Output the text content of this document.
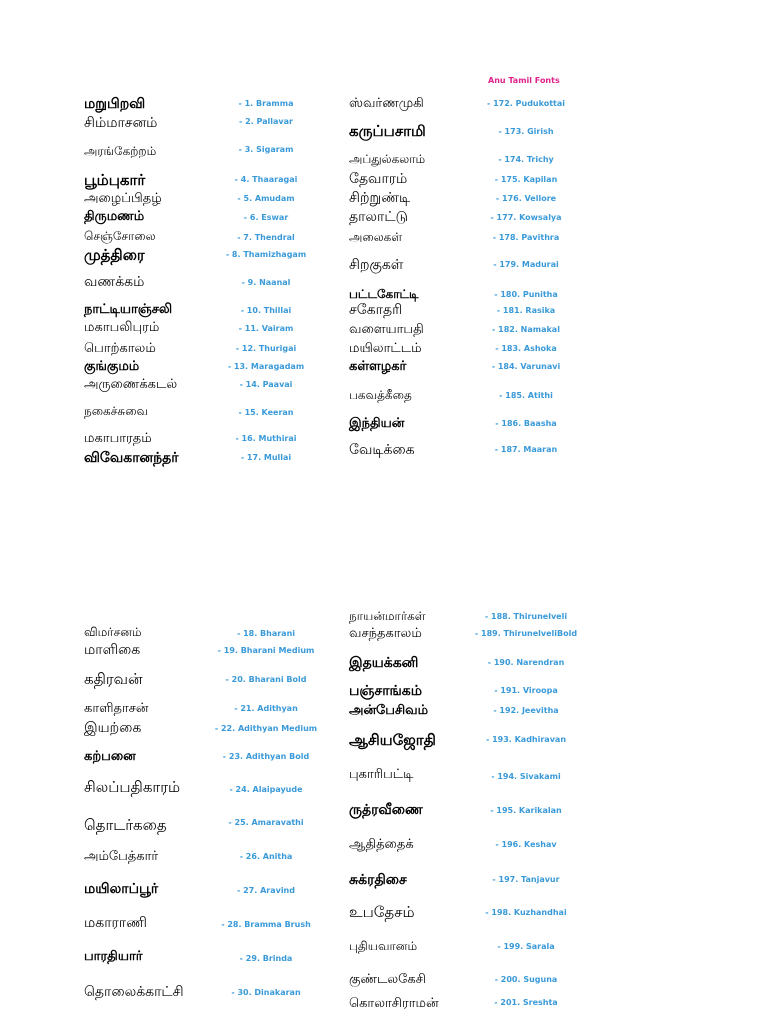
Anu Tamil Fonts
மறுபிறவி	- 1. Bramma
சிம்மாசனம்	- 2. Pallavar
அரங்கேற்றம்	- 3. Sigaram
பூம்புகார்	- 4. Thaaragai
அழைப்பிதழ்	- 5. Amudam
திருமணம்	- 6. Eswar
செஞ்சோலை	- 7. Thendral
முத்திரை	- 8. Thamizhagam
வணக்கம்	- 9. Naanal
நாட்டியாஞ்சலி	- 10. Thillai
மகாபலிபுரம்	- 11. Vairam
பொற்காலம்	- 12. Thurigai
குங்குமம்	- 13. Maragadam
அருணைக்கடல்	- 14. Paavai
நகைச்சுவை	- 15. Keeran
மகாபாரதம்	- 16. Muthirai
விவேகானந்தர்	- 17. Mullai
ஸ்வர்ணமுகி	- 172. Pudukottai
கருப்பசாமி	- 173. Girish
அப்துல்கலாம்	- 174. Trichy
தேவாரம்	- 175. Kapilan
சிற்றுண்டி	- 176. Vellore
தாலாட்டு	- 177. Kowsalya
அலைகள்	- 178. Pavithra
சிறகுகள்	- 179. Madurai
பட்டகோட்டி	- 180. Punitha
சகோதரி	- 181. Rasika
வளையாபதி	- 182. Namakal
மயிலாட்டம்	- 183. Ashoka
கள்ளழகர்	- 184. Varunavi
பகவத்கீதை	- 185. Atithi
இந்தியன்	- 186. Baasha
வேடிக்கை	- 187. Maaran
விமர்சனம்	- 18. Bharani
மாளிகை	- 19. Bharani Medium
கதிரவன்	- 20. Bharani Bold
காளிதாசன்	- 21. Adithyan
இயற்கை	- 22. Adithyan Medium
கற்பனை	- 23. Adithyan Bold
சிலப்பதிகாரம்	- 24. Alaipayude
தொடர்கதை	- 25. Amaravathi
அம்பேத்கார்	- 26. Anitha
மயிலாப்பூர்	- 27. Aravind
மகாராணி	- 28. Bramma Brush
பாரதியார்	- 29. Brinda
தொலைக்காட்சி	- 30. Dinakaran
நாயன்மார்கள்	- 188. Thirunelveli
வசந்தகாலம்	- 189. ThirunelveliBold
இதயக்கனி	- 190. Narendran
பஞ்சாங்கம்	- 191. Viroopa
அன்பேசிவம்	- 192. Jeevitha
ஆசியஜோதி	- 193. Kadhiravan
புகாரிபட்டி	- 194. Sivakami
ருத்ரவீணை	- 195. Karikalan
ஆதித்தைக்	- 196. Keshav
சுக்ரதிசை	- 197. Tanjavur
உபதேசம்	- 198. Kuzhandhai
புதியவானம்	- 199. Sarala
குண்டலகேசி	- 200. Suguna
கொலாசிராமன்	- 201. Sreshta
